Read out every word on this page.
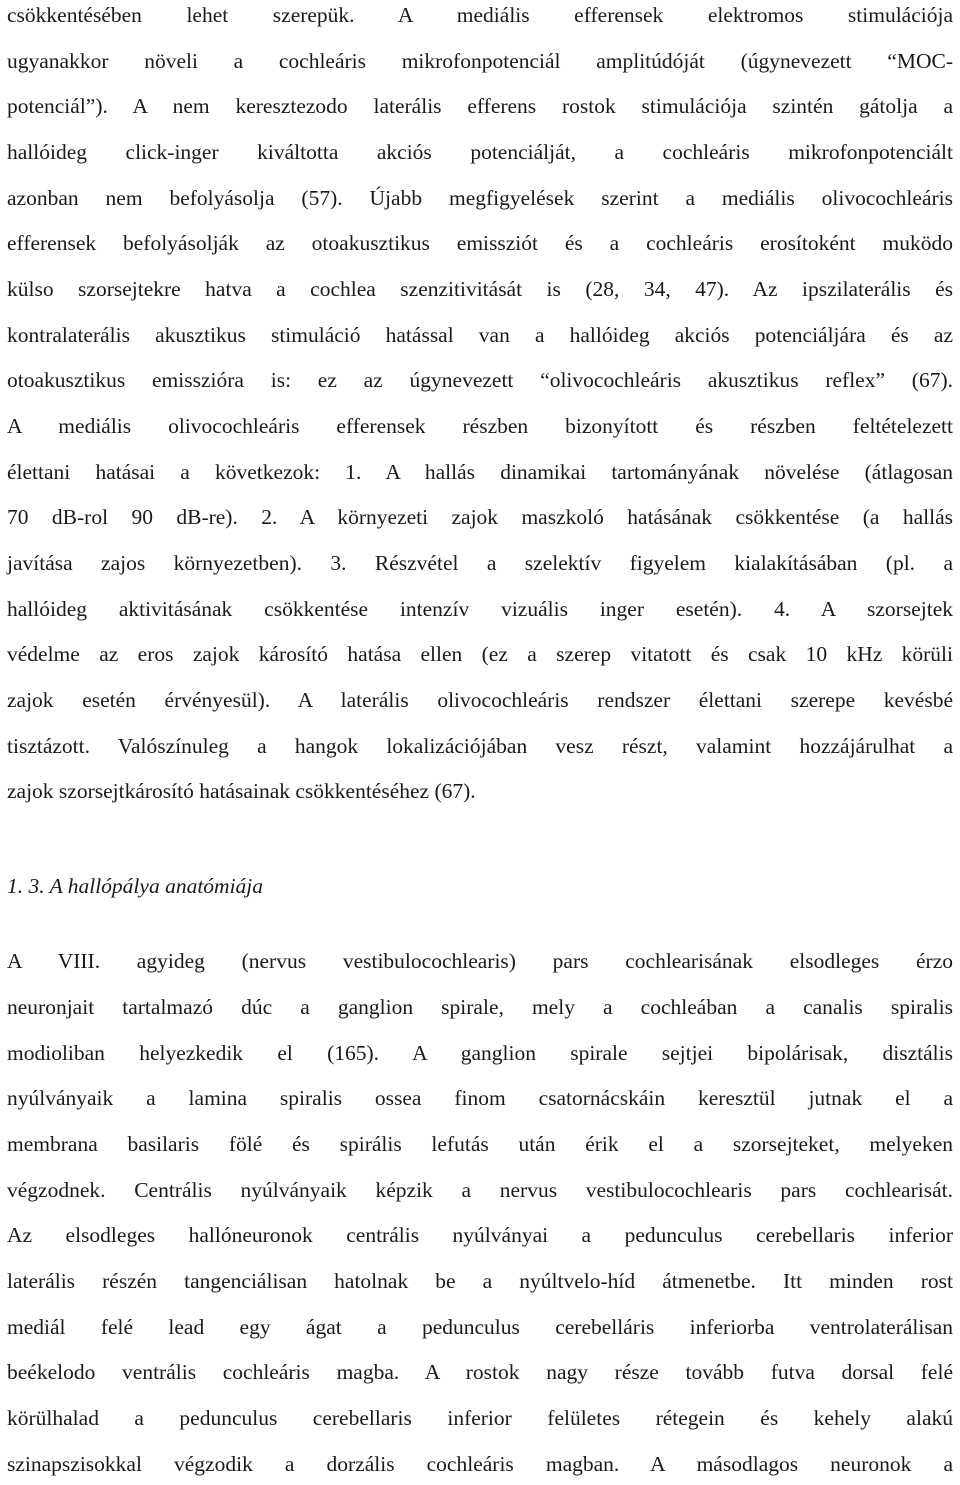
csökkentésében lehet szerepük. A mediális efferensek elektromos stimulációja
ugyanakkor növeli a cochleáris mikrofonpotenciál amplitúdóját (úgynevezett “MOC-
potenciál”). A nem keresztezodo laterális efferens rostok stimulációja szintén gátolja a
hallóideg click-inger kiváltotta akciós potenciálját, a cochleáris mikrofonpotenciált
azonban nem befolyásolja (57). Újabb megfigyelések szerint a mediális olivocochleáris
efferensek befolyásolják az otoakusztikus emissziót és a cochleáris erosítoként muködo
külso szorsejtekre hatva a cochlea szenzitivitását is (28, 34, 47). Az ipszilaterális és
kontralaterális akusztikus stimuláció hatással van a hallóideg akciós potenciáljára és az
otoakusztikus emisszióra is: ez az úgynevezett “olivocochleáris akusztikus reflex” (67).
A mediális olivocochleáris efferensek részben bizonyított és részben feltételezett
élettani hatásai a következok: 1. A hallás dinamikai tartományának növelése (átlagosan
70 dB-rol 90 dB-re). 2. A környezeti zajok maszkoló hatásának csökkentése (a hallás
javítása zajos környezetben). 3. Részvétel a szelektív figyelem kialakításában (pl. a
hallóideg aktivitásának csökkentése intenzív vizuális inger esetén). 4. A szorsejtek
védelme az eros zajok károsító hatása ellen (ez a szerep vitatott és csak 10 kHz körüli
zajok esetén érvényesül). A laterális olivocochleáris rendszer élettani szerepe kevésbé
tisztázott. Valószínuleg a hangok lokalizációjában vesz részt, valamint hozzájárulhat a
zajok szorsejtkárosító hatásainak csökkentéséhez (67).
1. 3. A hallópálya anatómiája
A VIII. agyideg (nervus vestibulocochlearis) pars cochlearisának elsodleges érzo
neuronjait tartalmazó dúc a ganglion spirale, mely a cochleában a canalis spiralis
modioliban helyezkedik el (165). A ganglion spirale sejtjei bipolárisak, disztális
nyúlványaik a lamina spiralis ossea finom csatornácskáin keresztül jutnak el a
membrana basilaris fölé és spirális lefutás után érik el a szorsejteket, melyeken
végzodnek. Centrális nyúlványaik képzik a nervus vestibulocochlearis pars cochlearisát.
Az elsodleges hallóneuronok centrális nyúlványai a pedunculus cerebellaris inferior
laterális részén tangenciálisan hatolnak be a nyúltvelo-híd átmenetbe. Itt minden rost
mediál felé lead egy ágat a pedunculus cerebelláris inferiorba ventrolaterálisan
beékelodo ventrális cochleáris magba. A rostok nagy része tovább futva dorsal felé
körülhalad a pedunculus cerebellaris inferior felületes rétegein és kehely alakú
szinapszisokkal végzodik a dorzális cochleáris magban. A másodlagos neuronok a
